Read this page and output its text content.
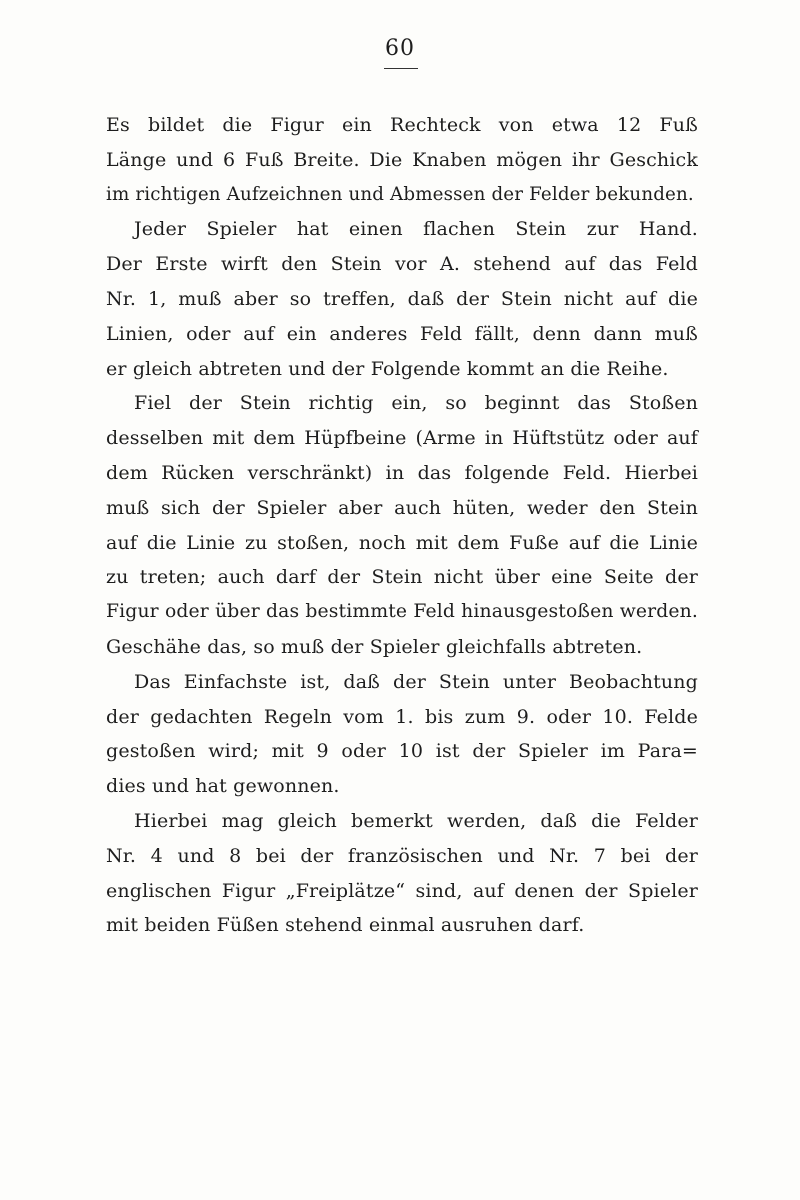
60
Es bildet die Figur ein Rechteck von etwa 12 Fuß
Länge und 6 Fuß Breite. Die Knaben mögen ihr Geschick
im richtigen Aufzeichnen und Abmessen der Felder bekunden.
Jeder Spieler hat einen flachen Stein zur Hand.
Der Erste wirft den Stein vor A. stehend auf das Feld
Nr. 1, muß aber so treffen, daß der Stein nicht auf die
Linien, oder auf ein anderes Feld fällt, denn dann muß
er gleich abtreten und der Folgende kommt an die Reihe.
Fiel der Stein richtig ein, so beginnt das Stoßen
desselben mit dem Hüpfbeine (Arme in Hüftstütz oder auf
dem Rücken verschränkt) in das folgende Feld. Hierbei
muß sich der Spieler aber auch hüten, weder den Stein
auf die Linie zu stoßen, noch mit dem Fuße auf die Linie
zu treten; auch darf der Stein nicht über eine Seite der
Figur oder über das bestimmte Feld hinausgestoßen werden.
Geschähe das, so muß der Spieler gleichfalls abtreten.
Das Einfachste ist, daß der Stein unter Beobachtung
der gedachten Regeln vom 1. bis zum 9. oder 10. Felde
gestoßen wird; mit 9 oder 10 ist der Spieler im Para=
dies und hat gewonnen.
Hierbei mag gleich bemerkt werden, daß die Felder
Nr. 4 und 8 bei der französischen und Nr. 7 bei der
englischen Figur „Freiplätze“ sind, auf denen der Spieler
mit beiden Füßen stehend einmal ausruhen darf.
